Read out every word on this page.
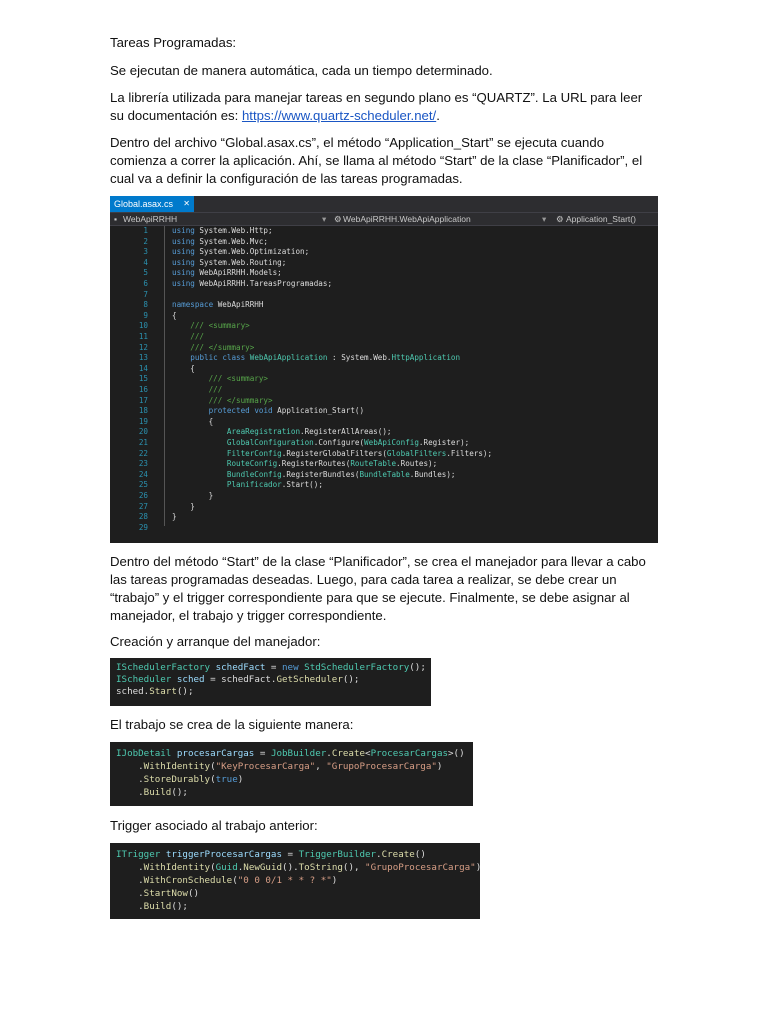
Tareas Programadas:

Se ejecutan de manera automática, cada un tiempo determinado.

La librería utilizada para manejar tareas en segundo plano es “QUARTZ”. La URL para leer su documentación es: https://www.quartz-scheduler.net/.

Dentro del archivo “Global.asax.cs”, el método “Application_Start” se ejecuta cuando comienza a correr la aplicación. Ahí, se llama al método “Start” de la clase “Planificador”, el cual va a definir la configuración de las tareas programadas.

Global.asax.cs ✕
▪ WebApiRRHH	▾ ⚙ WebApiRRHH.WebApiApplication	▾ ⚙ Application_Start()
1	using System.Web.Http;
2	using System.Web.Mvc;
3	using System.Web.Optimization;
4	using System.Web.Routing;
5	using WebApiRRHH.Models;
6	using WebApiRRHH.TareasProgramadas;
7
8	namespace WebApiRRHH
9	{
10	/// <summary>
11	///
12	/// </summary>
13	public class WebApiApplication : System.Web.HttpApplication
14	{
15	/// <summary>
16	///
17	/// </summary>
18	protected void Application_Start()
19	{
20	AreaRegistration.RegisterAllAreas();
21	GlobalConfiguration.Configure(WebApiConfig.Register);
22	FilterConfig.RegisterGlobalFilters(GlobalFilters.Filters);
23	RouteConfig.RegisterRoutes(RouteTable.Routes);
24	BundleConfig.RegisterBundles(BundleTable.Bundles);
25	Planificador.Start();
26	}
27	}
28	}
29

Dentro del método “Start” de la clase “Planificador”, se crea el manejador para llevar a cabo las tareas programadas deseadas. Luego, para cada tarea a realizar, se debe crear un “trabajo” y el trigger correspondiente para que se ejecute. Finalmente, se debe asignar al manejador, el trabajo y trigger correspondiente.

Creación y arranque del manejador:

IScheduler​Factory schedFact = new StdSchedulerFactory();
IScheduler sched = schedFact.GetScheduler();
sched.Start();

El trabajo se crea de la siguiente manera:

IJobDetail procesarCargas = JobBuilder.Create<ProcesarCargas>()
.WithIdentity("KeyProcesarCarga", "GrupoProcesarCarga")
.StoreDurably(true)
.Build();

Trigger asociado al trabajo anterior:

ITrigger triggerProcesarCargas = TriggerBuilder.Create()
.WithIdentity(Guid.NewGuid().ToString(), "GrupoProcesarCarga")
.WithCronSchedule("0 0 0/1 * * ? *")
.StartNow()
.Build();
